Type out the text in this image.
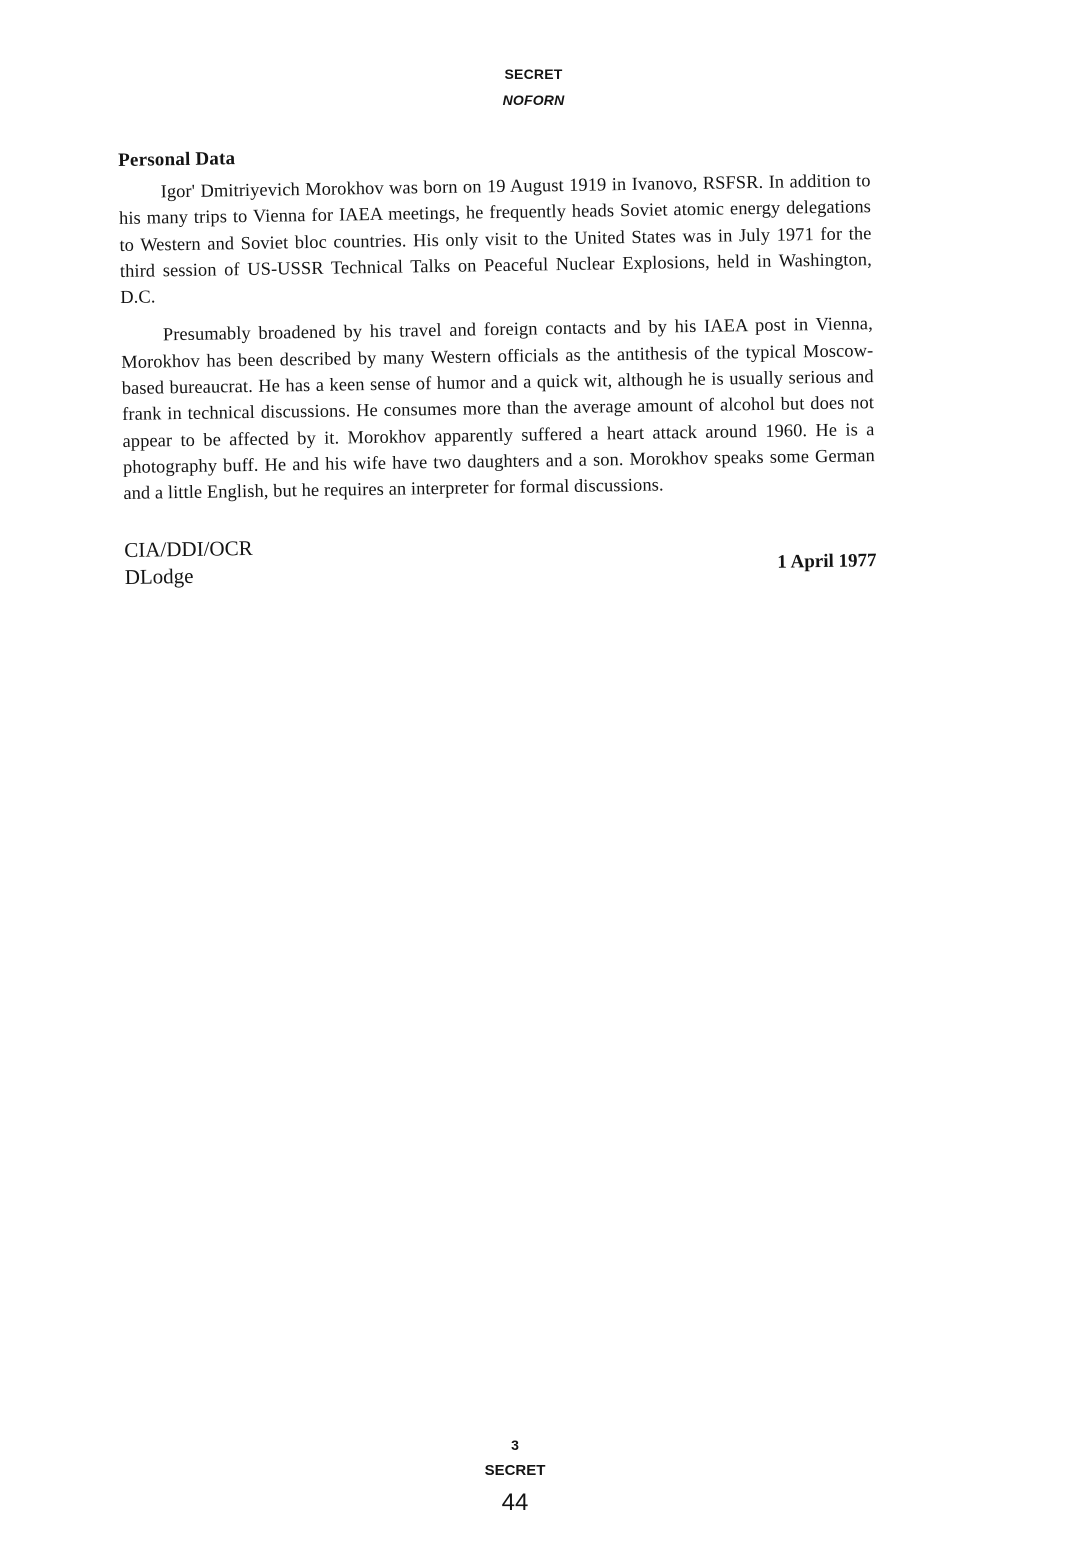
SECRET
NOFORN
Personal Data

Igor' Dmitriyevich Morokhov was born on 19 August 1919 in Ivanovo, RSFSR. In addition to his many trips to Vienna for IAEA meetings, he frequently heads Soviet atomic energy delegations to Western and Soviet bloc countries. His only visit to the United States was in July 1971 for the third session of US-USSR Technical Talks on Peaceful Nuclear Explosions, held in Washington, D.C.

Presumably broadened by his travel and foreign contacts and by his IAEA post in Vienna, Morokhov has been described by many Western officials as the antithesis of the typical Moscow-based bureaucrat. He has a keen sense of humor and a quick wit, although he is usually serious and frank in technical discussions. He consumes more than the average amount of alcohol but does not appear to be affected by it. Morokhov apparently suffered a heart attack around 1960. He is a photography buff. He and his wife have two daughters and a son. Morokhov speaks some German and a little English, but he requires an interpreter for formal discussions.

CIA/DDI/OCR
DLodge
1 April 1977
3
SECRET
44
